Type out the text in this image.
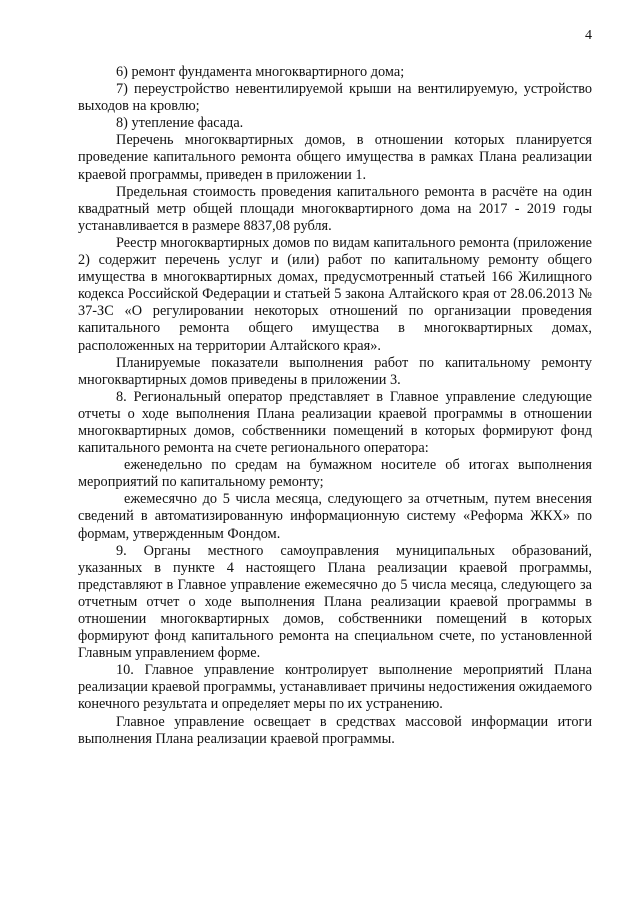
4

6) ремонт фундамента многоквартирного дома;

7) переустройство невентилируемой крыши на вентилируемую, устройство выходов на кровлю;

8) утепление фасада.

Перечень многоквартирных домов, в отношении которых планируется проведение капитального ремонта общего имущества в рамках Плана реализации краевой программы, приведен в приложении 1.

Предельная стоимость проведения капитального ремонта в расчёте на один квадратный метр общей площади многоквартирного дома на 2017 - 2019 годы устанавливается в размере 8837,08 рубля.

Реестр многоквартирных домов по видам капитального ремонта (приложение 2) содержит перечень услуг и (или) работ по капитальному ремонту общего имущества в многоквартирных домах, предусмотренный статьей 166 Жилищного кодекса Российской Федерации и статьей 5 закона Алтайского края от 28.06.2013 № 37-ЗС «О регулировании некоторых отношений по организации проведения капитального ремонта общего имущества в многоквартирных домах, расположенных на территории Алтайского края».

Планируемые показатели выполнения работ по капитальному ремонту многоквартирных домов приведены в приложении 3.

8. Региональный оператор представляет в Главное управление следующие отчеты о ходе выполнения Плана реализации краевой программы в отношении многоквартирных домов, собственники помещений в которых формируют фонд капитального ремонта на счете регионального оператора:

еженедельно по средам на бумажном носителе об итогах выполнения мероприятий по капитальному ремонту;

ежемесячно до 5 числа месяца, следующего за отчетным, путем внесения сведений в автоматизированную информационную систему «Реформа ЖКХ» по формам, утвержденным Фондом.

9. Органы местного самоуправления муниципальных образований, указанных в пункте 4 настоящего Плана реализации краевой программы, представляют в Главное управление ежемесячно до 5 числа месяца, следующего за отчетным отчет о ходе выполнения Плана реализации краевой программы в отношении многоквартирных домов, собственники помещений в которых формируют фонд капитального ремонта на специальном счете, по установленной Главным управлением форме.

10. Главное управление контролирует выполнение мероприятий Плана реализации краевой программы, устанавливает причины недостижения ожидаемого конечного результата и определяет меры по их устранению.

Главное управление освещает в средствах массовой информации итоги выполнения Плана реализации краевой программы.
